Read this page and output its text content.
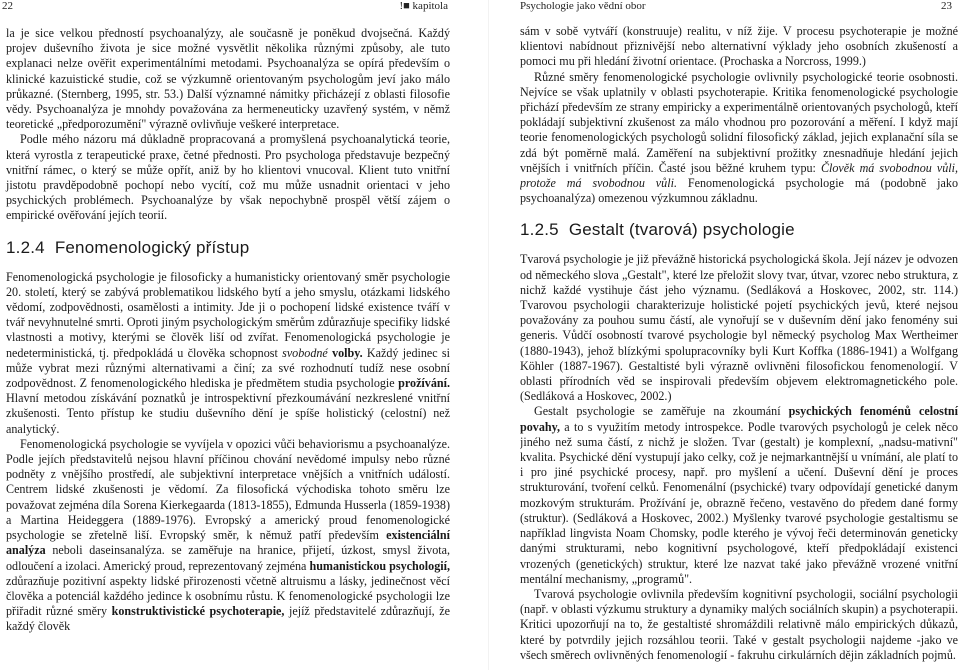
22	!■ kapitola

la je sice velkou předností psychoanalýzy, ale současně je poněkud dvojsečná. Každý projev duševního života je sice možné vysvětlit několika různými způsoby, ale tuto explanaci nelze ověřit experimentálními metodami. Psychoanalýza se opírá především o klinické kazuistické studie, což se výzkumně orientovaným psychologům jeví jako málo průkazné. (Sternberg, 1995, str. 53.) Další významné námitky přicházejí z oblasti filosofie vědy. Psychoanalýza je mnohdy považována za hermeneuticky uzavřený systém, v němž teoretické „předporozumění" výrazně ovlivňuje veškeré interpretace.

Podle mého názoru má důkladně propracovaná a promyšlená psychoanalytická teorie, která vyrostla z terapeutické praxe, četné přednosti. Pro psychologa představuje bezpečný vnitřní rámec, o který se může opřít, aniž by ho klientovi vnucoval. Klient tuto vnitřní jistotu pravděpodobně pochopí nebo vycítí, což mu může usnadnit orientaci v jeho psychických problémech. Psychoanalýze by však nepochybně prospěl větší zájem o empirické ověřování jejích teorií.

1.2.4 Fenomenologický přístup

Fenomenologická psychologie je filosoficky a humanisticky orientovaný směr psychologie 20. století, který se zabývá problematikou lidského bytí a jeho smyslu, otázkami lidského vědomí, zodpovědnosti, osamělosti a intimity. Jde ji o pochopení lidské existence tváří v tvář nevyhnutelné smrti. Oproti jiným psychologickým směrům zdůrazňuje specifiky lidské vlastnosti a motivy, kterými se člověk liší od zvířat. Fenomenologická psychologie je nedeterministická, tj. předpokládá u člověka schopnost svobodné volby. Každý jedinec si může vybrat mezi různými alternativami a činí; za své rozhodnutí tudíž nese osobní zodpovědnost. Z fenomenologického hlediska je předmětem studia psychologie prožívání. Hlavní metodou získávání poznatků je introspektivní přezkoumávání nezkreslené vnitřní zkušenosti. Tento přístup ke studiu duševního dění je spíše holistický (celostní) než analytický.

Fenomenologická psychologie se vyvíjela v opozici vůči behaviorismu a psychoanalýze. Podle jejích představitelů nejsou hlavní příčinou chování nevědomé impulsy nebo různé podněty z vnějšího prostředí, ale subjektivní interpretace vnějších a vnitřních událostí. Centrem lidské zkušenosti je vědomí. Za filosofická východiska tohoto směru lze považovat zejména díla Sorena Kierkegaarda (1813-1855), Edmunda Husserla (1859-1938) a Martina Heideggera (1889-1976). Evropský a americký proud fenomenologické psychologie se zřetelně liší. Evropský směr, k němuž patří především existenciální analýza neboli daseinsanalýza. se zaměřuje na hranice, přijetí, úzkost, smysl života, odloučení a izolaci. Americký proud, reprezentovaný zejména humanistickou psychologií, zdůrazňuje pozitivní aspekty lidské přirozenosti včetně altruismu a lásky, jedinečnost věcí člověka a potenciál každého jedince k osobnímu růstu. K fenomenologické psychologii lze přiřadit různé směry konstruktivistické psychoterapie, jejíž představitelé zdůrazňují, že každý člověk

Psychologie jako vědní obor	23

sám v sobě vytváří (konstruuje) realitu, v níž žije. V procesu psychoterapie je možné klientovi nabídnout přiznivější nebo alternativní výklady jeho osobních zkušeností a pomoci mu při hledání životní orientace. (Prochaska a Norcross, 1999.)

Různé směry fenomenologické psychologie ovlivnily psychologické teorie osobnosti. Nejvíce se však uplatnily v oblasti psychoterapie. Kritika fenomenologické psychologie přichází především ze strany empiricky a experimentálně orientovaných psychologů, kteří pokládají subjektivní zkušenost za málo vhodnou pro pozorování a měření. I když mají teorie fenomenologických psychologů solidní filosofický základ, jejich explanační síla se zdá být poměrně malá. Zaměření na subjektivní prožitky znesnadňuje hledání jejich vnějších i vnitřních příčin. Časté jsou běžné kruhem typu: Člověk má svobodnou vůli, protože má svobodnou vůli. Fenomenologická psychologie má (podobně jako psychoanalýza) omezenou výzkumnou základnu.

1.2.5 Gestalt (tvarová) psychologie

Tvarová psychologie je již převážně historická psychologická škola. Její název je odvozen od německého slova „Gestalt", které lze přeložit slovy tvar, útvar, vzorec nebo struktura, z nichž každé vystihuje část jeho významu. (Sedláková a Hoskovec, 2002, str. 114.) Tvarovou psychologii charakterizuje holistické pojetí psychických jevů, které nejsou považovány za pouhou sumu částí, ale vynořují se v duševním dění jako fenomény sui generis. Vůdčí osobností tvarové psychologie byl německý psycholog Max Wertheimer (1880-1943), jehož blízkými spolupracovníky byli Kurt Koffka (1886-1941) a Wolfgang Köhler (1887-1967). Gestaltisté byli výrazně ovlivněni filosofickou fenomenologií. V oblasti přírodních věd se inspirovali především objevem elektromagnetického pole. (Sedláková a Hoskovec, 2002.)

Gestalt psychologie se zaměřuje na zkoumání psychických fenoménů celostní povahy, a to s využitím metody introspekce. Podle tvarových psychologů je celek něco jiného než suma částí, z nichž je složen. Tvar (gestalt) je komplexní, „nadsu-mativní" kvalita. Psychické dění vystupují jako celky, což je nejmarkantnější u vnímání, ale platí to i pro jiné psychické procesy, např. pro myšlení a učení. Duševní dění je proces strukturování, tvoření celků. Fenomenální (psychické) tvary odpovídají genetické danym mozkovým strukturám. Prožívání je, obrazně řečeno, vestavěno do předem dané formy (struktur). (Sedláková a Hoskovec, 2002.) Myšlenky tvarové psychologie gestaltismu se například lingvista Noam Chomsky, podle kterého je vývoj řeči determinován geneticky danými strukturami, nebo kognitivní psychologové, kteří předpokládají existenci vrozených (genetických) struktur, které lze nazvat také jako převážně vrozené vnitřní mentální mechanismy, „programů".

Tvarová psychologie ovlivnila především kognitivní psychologii, sociální psychologii (např. v oblasti výzkumu struktury a dynamiky malých sociálních skupin) a psychoterapii. Kritici upozorňují na to, že gestaltisté shromáždili relativně málo empirických důkazů, které by potvrdily jejich rozsáhlou teorii. Také v gestalt psychologii najdeme -jako ve všech směrech ovlivněných fenomenologií - fakruhu cirkulárních dějin základních pojmů.
